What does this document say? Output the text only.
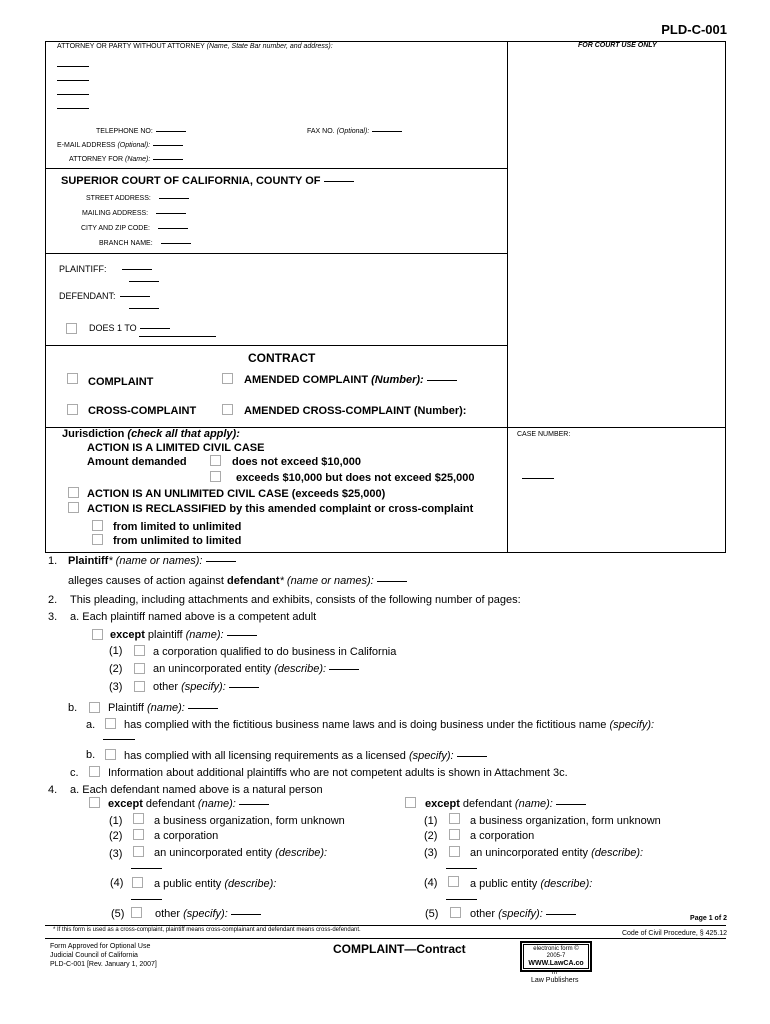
PLD-C-001
ATTORNEY OR PARTY WITHOUT ATTORNEY (Name, State Bar number, and address):	FOR COURT USE ONLY
TELEPHONE NO:	FAX NO. (Optional):
E-MAIL ADDRESS (Optional):
ATTORNEY FOR (Name):
SUPERIOR COURT OF CALIFORNIA, COUNTY OF
STREET ADDRESS:
MAILING ADDRESS:
CITY AND ZIP CODE:
BRANCH NAME:
PLAINTIFF:
DEFENDANT:
DOES 1 TO
CONTRACT
COMPLAINT	AMENDED COMPLAINT (Number):
CROSS-COMPLAINT	AMENDED CROSS-COMPLAINT (Number):
Jurisdiction (check all that apply):	CASE NUMBER:
ACTION IS A LIMITED CIVIL CASE
Amount demanded	does not exceed $10,000
exceeds $10,000 but does not exceed $25,000
ACTION IS AN UNLIMITED CIVIL CASE (exceeds $25,000)
ACTION IS RECLASSIFIED by this amended complaint or cross-complaint
from limited to unlimited
from unlimited to limited
1. Plaintiff* (name or names):
alleges causes of action against defendant* (name or names):
2. This pleading, including attachments and exhibits, consists of the following number of pages:
3. a. Each plaintiff named above is a competent adult
except plaintiff (name):
(1)	a corporation qualified to do business in California
(2)	an unincorporated entity (describe):
(3)	other (specify):
b.	Plaintiff (name):
a.	has complied with the fictitious business name laws and is doing business under the fictitious name (specify):
b.	has complied with all licensing requirements as a licensed (specify):
c.	Information about additional plaintiffs who are not competent adults is shown in Attachment 3c.
4. a. Each defendant named above is a natural person
except defendant (name):
(1)	a business organization, form unknown
(2)	a corporation
(3)	an unincorporated entity (describe):
(4)	a public entity (describe):
(5)	other (specify):
except defendant (name):
(1)	a business organization, form unknown
(2)	a corporation
(3)	an unincorporated entity (describe):
(4)	a public entity (describe):
(5)	other (specify):	Page 1 of 2
* If this form is used as a cross-complaint, plaintiff means cross-complainant and defendant means cross-defendant.	Code of Civil Procedure, § 425.12
Form Approved for Optional Use
Judicial Council of California
PLD-C-001 [Rev. January 1, 2007]
COMPLAINT—Contract	electronic form ©
2005-7
WWW.LawCA.co
m
Law Publishers
